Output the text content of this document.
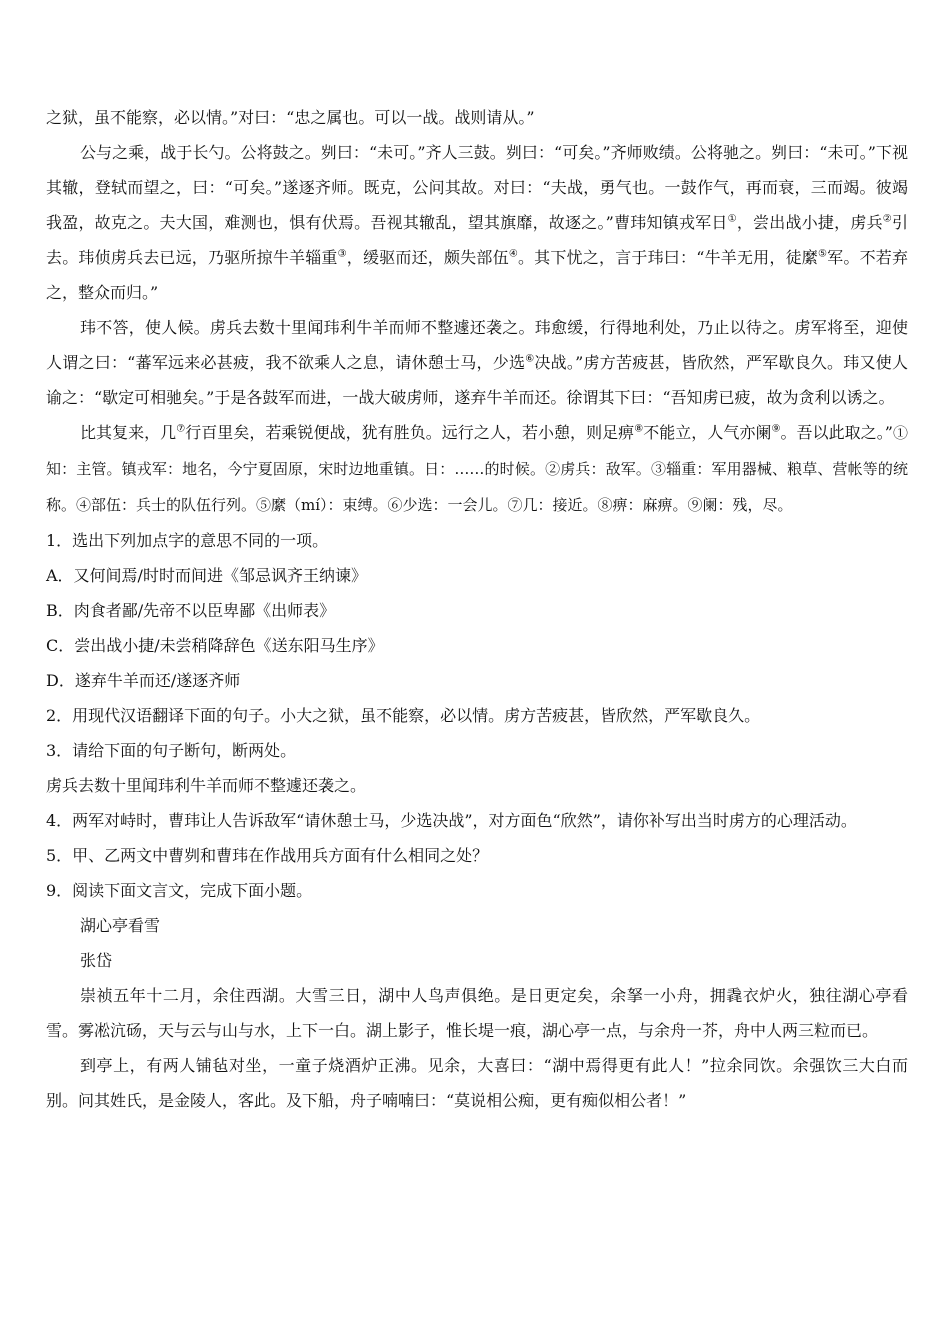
之狱，虽不能察，必以情。”对曰：“忠之属也。可以一战。战则请从。”

公与之乘，战于长勺。公将鼓之。刿曰：“未可。”齐人三鼓。刿曰：“可矣。”齐师败绩。公将驰之。刿曰：“未可。”下视其辙，登轼而望之，曰：“可矣。”遂逐齐师。既克，公问其故。对曰：“夫战，勇气也。一鼓作气，再而衰，三而竭。彼竭我盈，故克之。夫大国，难测也，惧有伏焉。吾视其辙乱，望其旗靡，故逐之。”曹玮知镇戎军日①，尝出战小捷，虏兵②引去。玮侦虏兵去已远，乃驱所掠牛羊辎重③，缓驱而还，颇失部伍④。其下忧之，言于玮曰：“牛羊无用，徒縻⑤军。不若弃之，整众而归。”

玮不答，使人候。虏兵去数十里闻玮利牛羊而师不整遽还袭之。玮愈缓，行得地利处，乃止以待之。虏军将至，迎使人谓之曰：“蕃军远来必甚疲，我不欲乘人之息，请休憩士马，少选⑥决战。”虏方苦疲甚，皆欣然，严军歇良久。玮又使人谕之：“歇定可相驰矣。”于是各鼓军而进，一战大破虏师，遂弃牛羊而还。徐谓其下曰：“吾知虏已疲，故为贪利以诱之。

比其复来，几⑦行百里矣，若乘锐便战，犹有胜负。远行之人，若小憩，则足痹⑧不能立，人气亦阑⑨。吾以此取之。”①知：主管。镇戎军：地名，今宁夏固原，宋时边地重镇。日：……的时候。②虏兵：敌军。③辎重：军用器械、粮草、营帐等的统称。④部伍：兵士的队伍行列。⑤縻（mí）：束缚。⑥少选：一会儿。⑦几：接近。⑧痹：麻痹。⑨阑：残，尽。

1．选出下列加点字的意思不同的一项。

A．又何间焉/时时而间进《邹忌讽齐王纳谏》

B．肉食者鄙/先帝不以臣卑鄙《出师表》

C．尝出战小捷/未尝稍降辞色《送东阳马生序》

D．遂弃牛羊而还/遂逐齐师

2．用现代汉语翻译下面的句子。小大之狱，虽不能察，必以情。虏方苦疲甚，皆欣然，严军歇良久。

3．请给下面的句子断句，断两处。

虏兵去数十里闻玮利牛羊而师不整遽还袭之。

4．两军对峙时，曹玮让人告诉敌军“请休憩士马，少选决战”，对方面色“欣然”，请你补写出当时虏方的心理活动。

5．甲、乙两文中曹刿和曹玮在作战用兵方面有什么相同之处？

9．阅读下面文言文，完成下面小题。

湖心亭看雪

张岱

崇祯五年十二月，余住西湖。大雪三日，湖中人鸟声俱绝。是日更定矣，余拏一小舟，拥毳衣炉火，独往湖心亭看雪。雾凇沆砀，天与云与山与水，上下一白。湖上影子，惟长堤一痕，湖心亭一点，与余舟一芥，舟中人两三粒而已。

到亭上，有两人铺毡对坐，一童子烧酒炉正沸。见余，大喜曰：“湖中焉得更有此人！”拉余同饮。余强饮三大白而别。问其姓氏，是金陵人，客此。及下船，舟子喃喃曰：“莫说相公痴，更有痴似相公者！”
